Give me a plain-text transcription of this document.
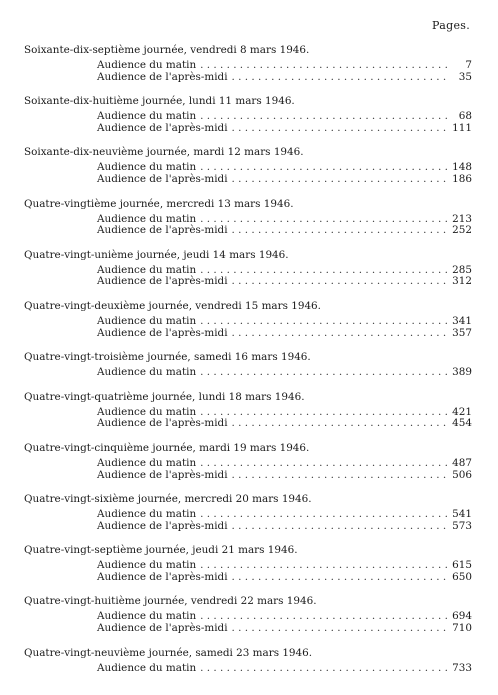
Pages.
Soixante-dix-septième journée, vendredi 8 mars 1946.
Audience du matin . . .	7
Audience de l'après-midi . . .	35
Soixante-dix-huitième journée, lundi 11 mars 1946.
Audience du matin . . .	68
Audience de l'après-midi . . .	111
Soixante-dix-neuvième journée, mardi 12 mars 1946.
Audience du matin . . .	148
Audience de l'après-midi . . .	186
Quatre-vingtième journée, mercredi 13 mars 1946.
Audience du matin . . .	213
Audience de l'après-midi . . .	252
Quatre-vingt-unième journée, jeudi 14 mars 1946.
Audience du matin . . .	285
Audience de l'après-midi . . .	312
Quatre-vingt-deuxième journée, vendredi 15 mars 1946.
Audience du matin . . .	341
Audience de l'après-midi . . .	357
Quatre-vingt-troisième journée, samedi 16 mars 1946.
Audience du matin . . .	389
Quatre-vingt-quatrième journée, lundi 18 mars 1946.
Audience du matin . . .	421
Audience de l'après-midi . . .	454
Quatre-vingt-cinquième journée, mardi 19 mars 1946.
Audience du matin . . .	487
Audience de l'après-midi . . .	506
Quatre-vingt-sixième journée, mercredi 20 mars 1946.
Audience du matin . . .	541
Audience de l'après-midi . . .	573
Quatre-vingt-septième journée, jeudi 21 mars 1946.
Audience du matin . . .	615
Audience de l'après-midi . . .	650
Quatre-vingt-huitième journée, vendredi 22 mars 1946.
Audience du matin . . .	694
Audience de l'après-midi . . .	710
Quatre-vingt-neuvième journée, samedi 23 mars 1946.
Audience du matin . . .	733
